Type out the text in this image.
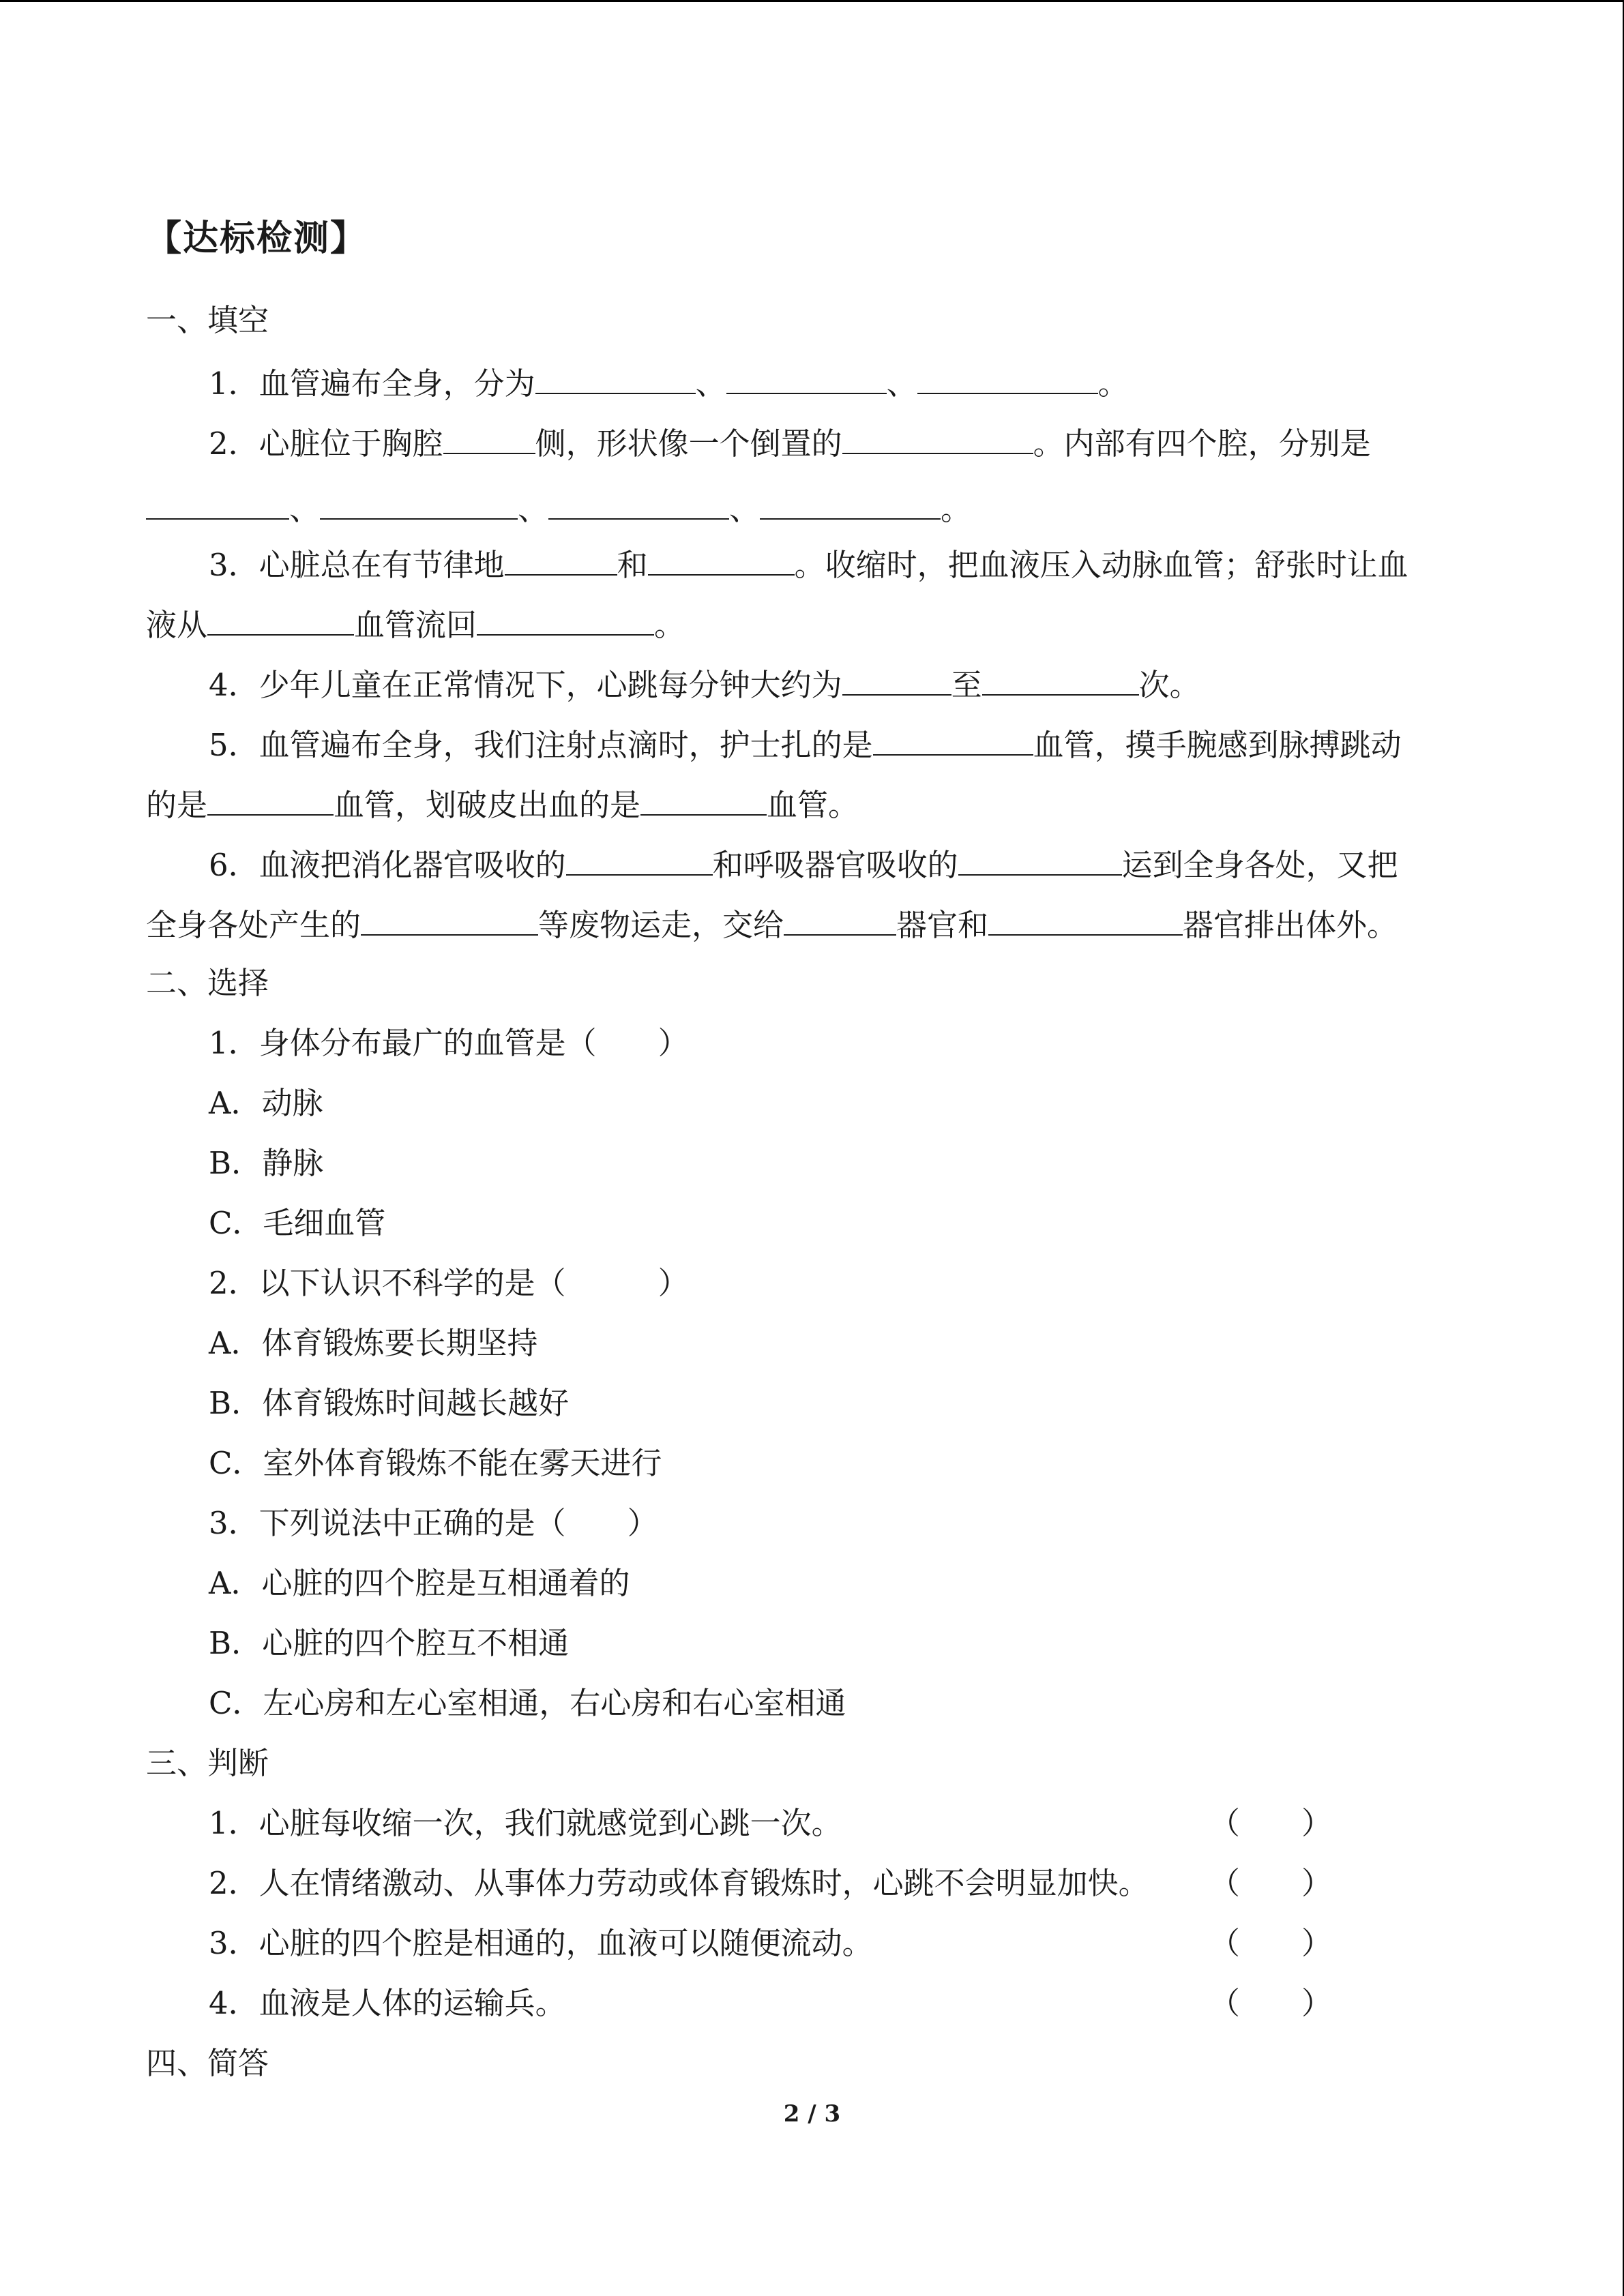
【达标检测】
一、填空
1．血管遍布全身，分为	、	、	。
2．心脏位于胸腔	侧，形状像一个倒置的	。内部有四个腔，分别是
、	、	、	。
3．心脏总在有节律地	和	。收缩时，把血液压入动脉血管；舒张时让血
液从	血管流回	。
4．少年儿童在正常情况下，心跳每分钟大约为	至	次。
5．血管遍布全身，我们注射点滴时，护士扎的是	血管，摸手腕感到脉搏跳动
的是	血管，划破皮出血的是	血管。
6．血液把消化器官吸收的	和呼吸器官吸收的	运到全身各处，又把
全身各处产生的	等废物运走，交给	器官和	器官排出体外。
二、选择
1．身体分布最广的血管是（　　）
A．动脉
B．静脉
C．毛细血管
2．以下认识不科学的是（　　　）
A．体育锻炼要长期坚持
B．体育锻炼时间越长越好
C．室外体育锻炼不能在雾天进行
3．下列说法中正确的是（　　）
A．心脏的四个腔是互相通着的
B．心脏的四个腔互不相通
C．左心房和左心室相通，右心房和右心室相通
三、判断
1．心脏每收缩一次，我们就感觉到心跳一次。	（　　）
2．人在情绪激动、从事体力劳动或体育锻炼时，心跳不会明显加快。 （　　）
3．心脏的四个腔是相通的，血液可以随便流动。	（　　）
4．血液是人体的运输兵。	（　　）
四、简答
2 / 3
